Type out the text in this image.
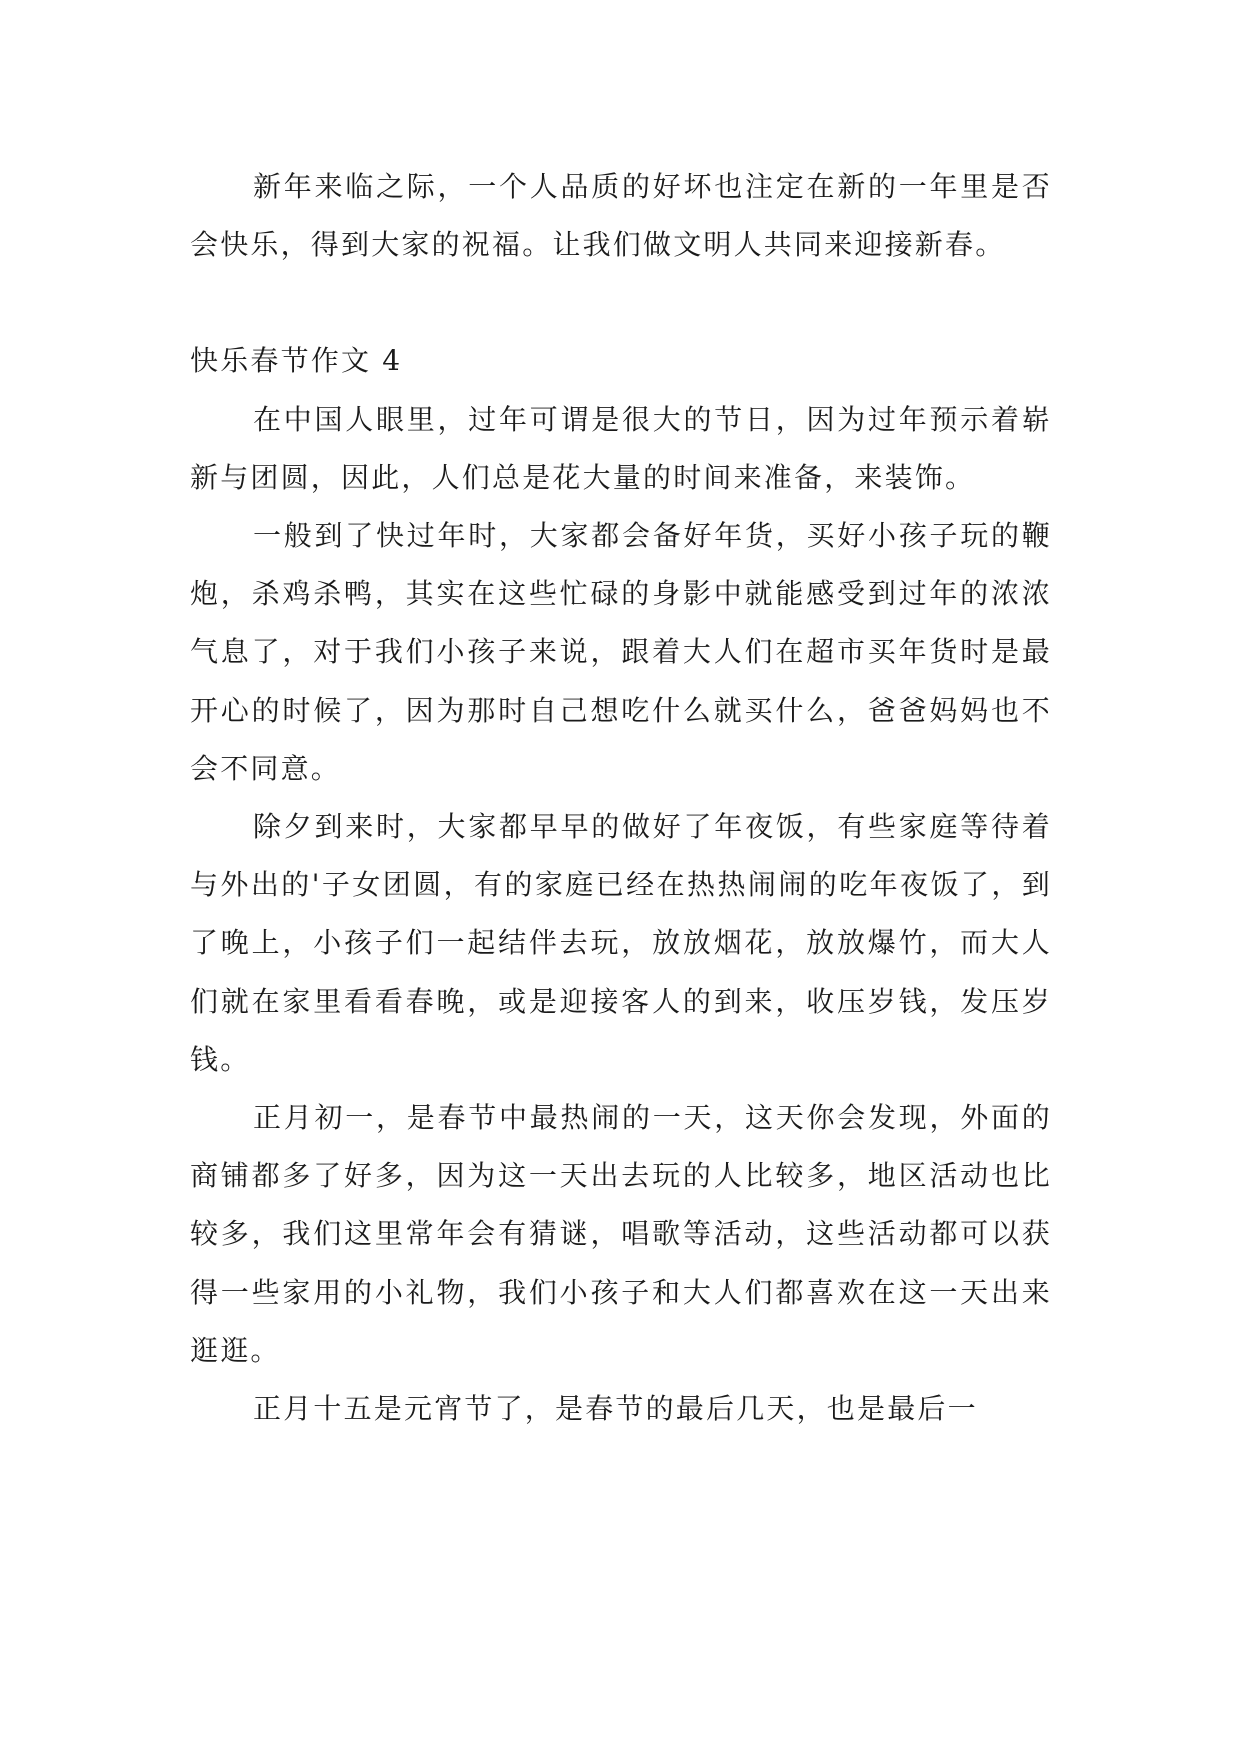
新年来临之际，一个人品质的好坏也注定在新的一年里是否会快乐，得到大家的祝福。让我们做文明人共同来迎接新春。

快乐春节作文 4

在中国人眼里，过年可谓是很大的节日，因为过年预示着崭新与团圆，因此，人们总是花大量的时间来准备，来装饰。

一般到了快过年时，大家都会备好年货，买好小孩子玩的鞭炮，杀鸡杀鸭，其实在这些忙碌的身影中就能感受到过年的浓浓气息了，对于我们小孩子来说，跟着大人们在超市买年货时是最开心的时候了，因为那时自己想吃什么就买什么，爸爸妈妈也不会不同意。

除夕到来时，大家都早早的做好了年夜饭，有些家庭等待着与外出的'子女团圆，有的家庭已经在热热闹闹的吃年夜饭了，到了晚上，小孩子们一起结伴去玩，放放烟花，放放爆竹，而大人们就在家里看看春晚，或是迎接客人的到来，收压岁钱，发压岁钱。

正月初一，是春节中最热闹的一天，这天你会发现，外面的商铺都多了好多，因为这一天出去玩的人比较多，地区活动也比较多，我们这里常年会有猜谜，唱歌等活动，这些活动都可以获得一些家用的小礼物，我们小孩子和大人们都喜欢在这一天出来逛逛。

正月十五是元宵节了，是春节的最后几天，也是最后一
